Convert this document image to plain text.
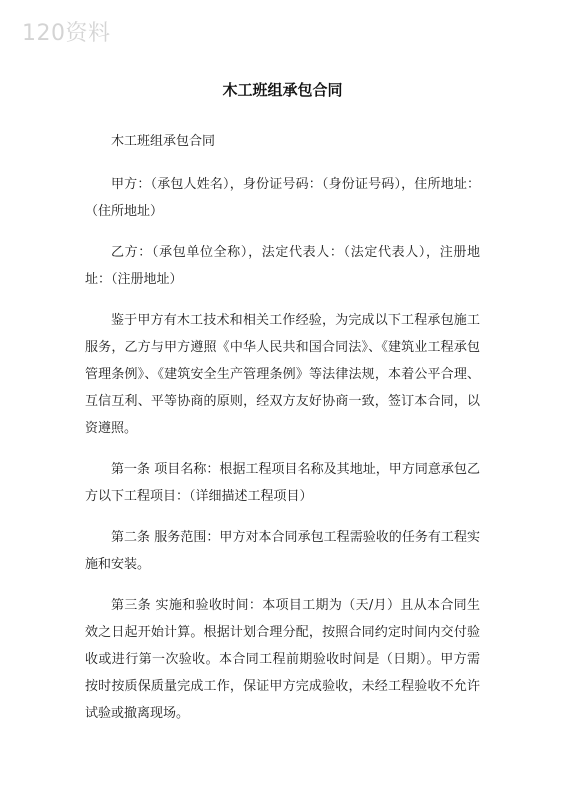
120资料
木工班组承包合同

木工班组承包合同

甲方：（承包人姓名），身份证号码：（身份证号码），住所地址：（住所地址）

乙方：（承包单位全称），法定代表人：（法定代表人），注册地址：（注册地址）

鉴于甲方有木工技术和相关工作经验，为完成以下工程承包施工服务，乙方与甲方遵照《中华人民共和国合同法》、《建筑业工程承包管理条例》、《建筑安全生产管理条例》等法律法规，本着公平合理、互信互利、平等协商的原则，经双方友好协商一致，签订本合同，以资遵照。

第一条 项目名称：根据工程项目名称及其地址，甲方同意承包乙方以下工程项目：（详细描述工程项目）

第二条 服务范围：甲方对本合同承包工程需验收的任务有工程实施和安装。

第三条 实施和验收时间：本项目工期为（天/月）且从本合同生效之日起开始计算。根据计划合理分配，按照合同约定时间内交付验收或进行第一次验收。本合同工程前期验收时间是（日期）。甲方需按时按质保质量完成工作，保证甲方完成验收，未经工程验收不允许试验或撤离现场。
